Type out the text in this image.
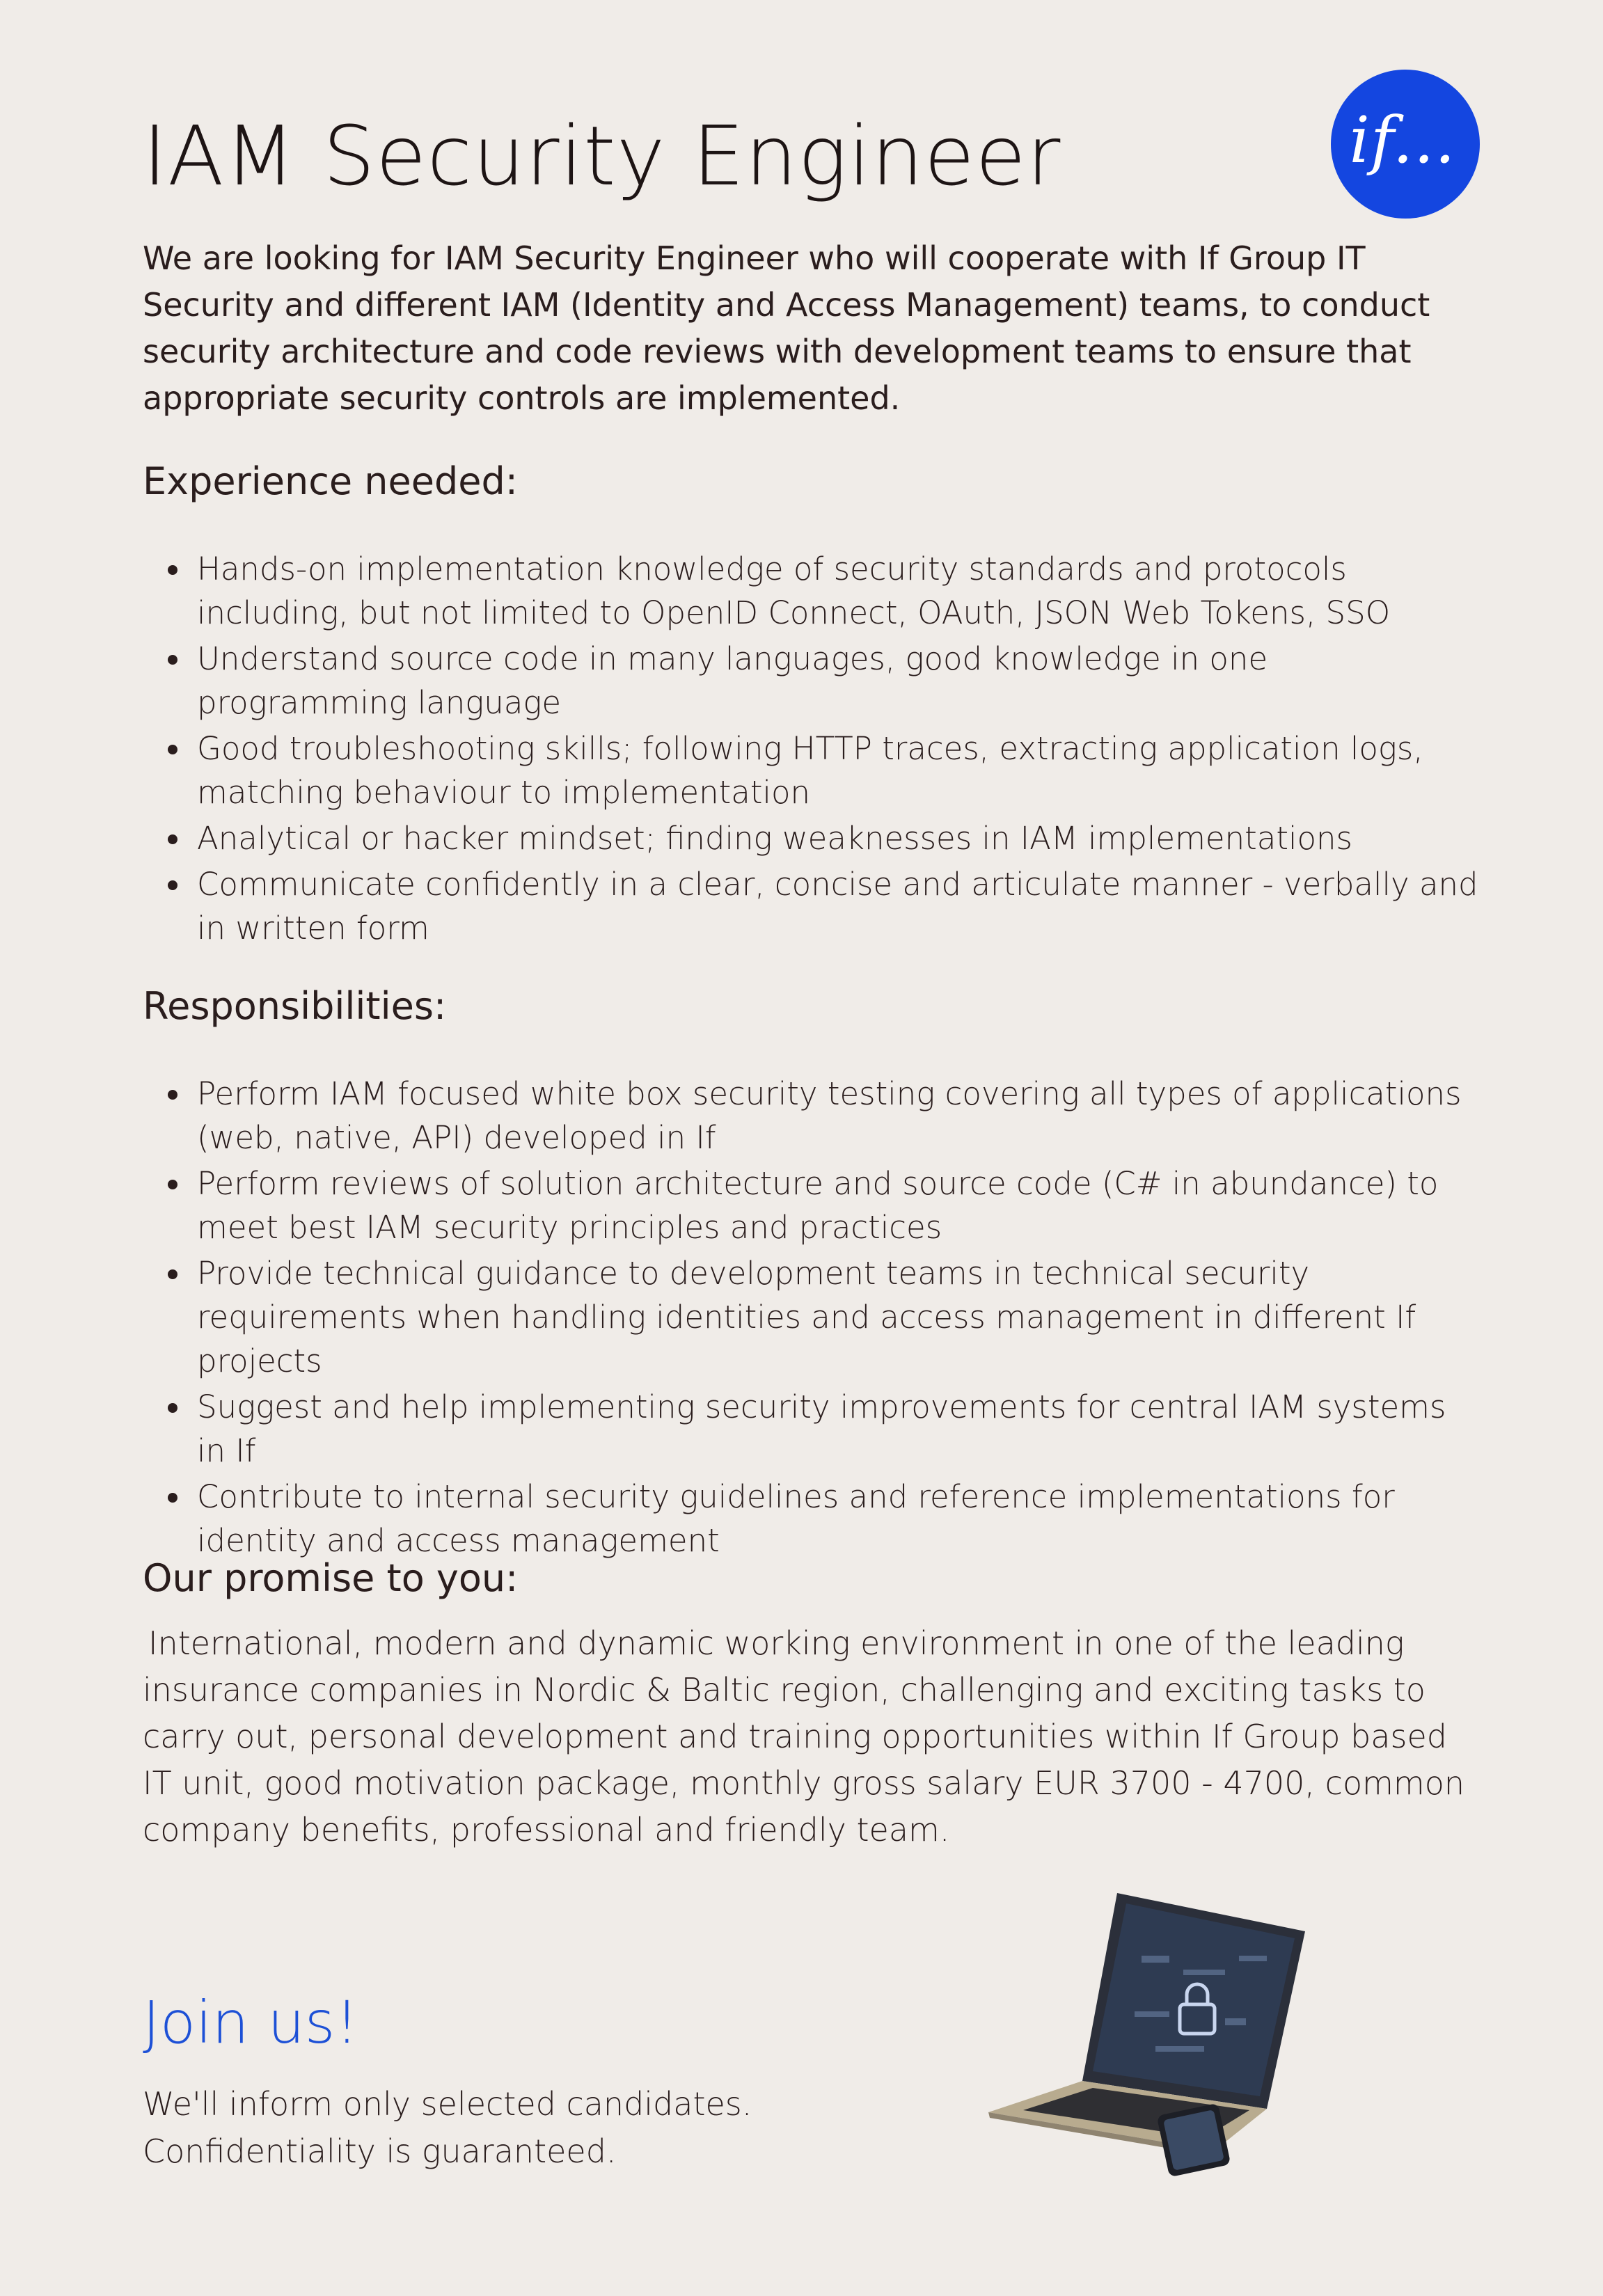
IAM Security Engineer	if...

We are looking for IAM Security Engineer who will cooperate with If Group IT Security and different IAM (Identity and Access Management) teams, to conduct security architecture and code reviews with development teams to ensure that appropriate security controls are implemented.

Experience needed:
Hands-on implementation knowledge of security standards and protocols including, but not limited to OpenID Connect, OAuth, JSON Web Tokens, SSO
Understand source code in many languages, good knowledge in one programming language
Good troubleshooting skills; following HTTP traces, extracting application logs, matching behaviour to implementation
Analytical or hacker mindset; finding weaknesses in IAM implementations
Communicate confidently in a clear, concise and articulate manner - verbally and in written form
Responsibilities:
Perform IAM focused white box security testing covering all types of applications (web, native, API) developed in If
Perform reviews of solution architecture and source code (C# in abundance) to meet best IAM security principles and practices
Provide technical guidance to development teams in technical security requirements when handling identities and access management in different If projects
Suggest and help implementing security improvements for central IAM systems in If
Contribute to internal security guidelines and reference implementations for identity and access management
Our promise to you:

International, modern and dynamic working environment in one of the leading insurance companies in Nordic & Baltic region, challenging and exciting tasks to carry out, personal development and training opportunities within If Group based IT unit, good motivation package, monthly gross salary EUR 3700 - 4700, common company benefits, professional and friendly team.

Join us!

We'll inform only selected candidates.

Confidentiality is guaranteed.
